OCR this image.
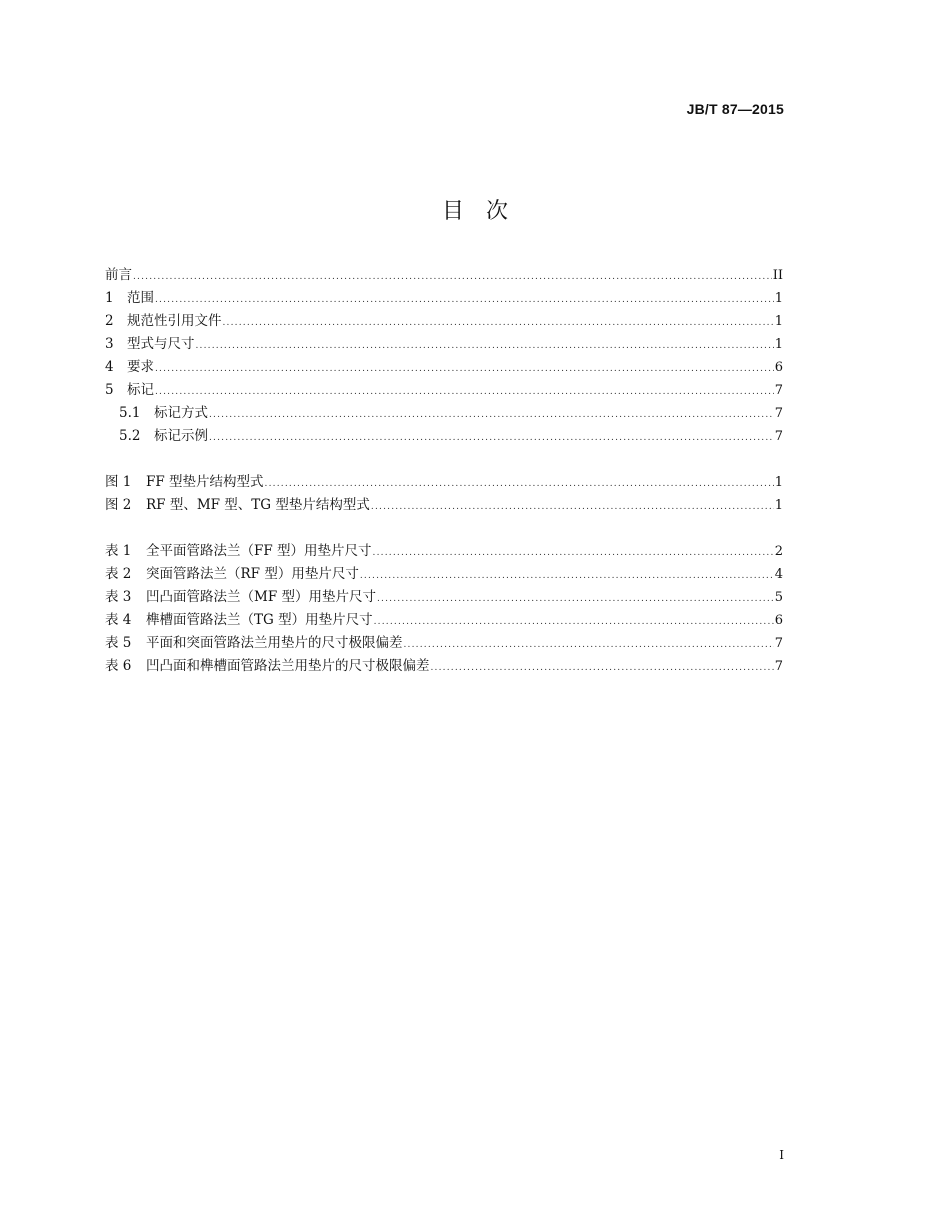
JB/T 87—2015
目　次
前言 .....	II
1 范围 .....	1
2 规范性引用文件 .....	1
3 型式与尺寸 .....	1
4 要求 .....	6
5 标记 .....	7
5.1	标记方式 .....	7
5.2	标记示例 .....	7
图 1	FF 型垫片结构型式 .....	1
图 2	RF 型、MF 型、TG 型垫片结构型式 .....	1
表 1	全平面管路法兰（FF 型）用垫片尺寸 .....	2
表 2	突面管路法兰（RF 型）用垫片尺寸 .....	4
表 3	凹凸面管路法兰（MF 型）用垫片尺寸 .....	5
表 4	榫槽面管路法兰（TG 型）用垫片尺寸 .....	6
表 5	平面和突面管路法兰用垫片的尺寸极限偏差 .....	7
表 6	凹凸面和榫槽面管路法兰用垫片的尺寸极限偏差 .....	7
I
